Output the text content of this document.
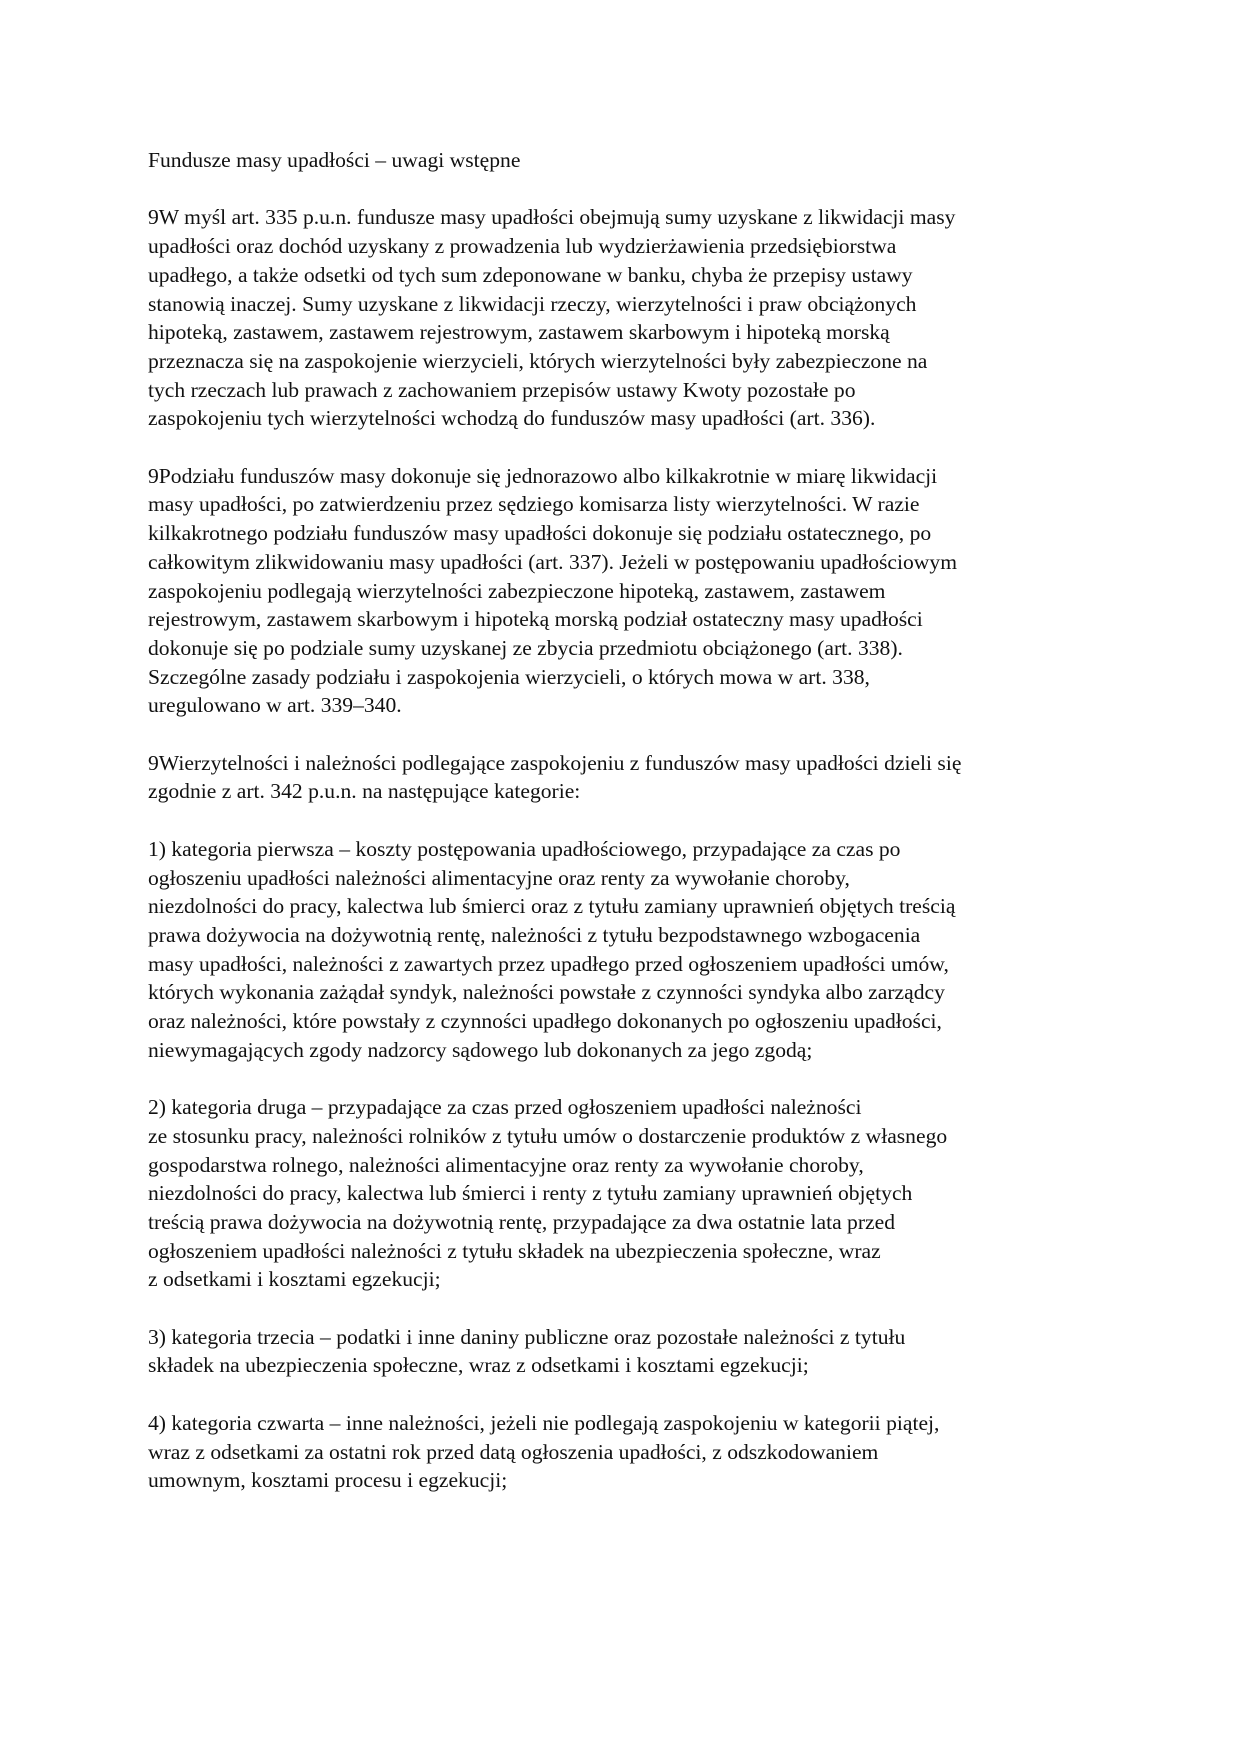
Fundusze masy upadłości – uwagi wstępne

9W myśl art. 335 p.u.n. fundusze masy upadłości obejmują sumy uzyskane z likwidacji masy
upadłości oraz dochód uzyskany z prowadzenia lub wydzierżawienia przedsiębiorstwa
upadłego, a także odsetki od tych sum zdeponowane w banku, chyba że przepisy ustawy
stanowią inaczej. Sumy uzyskane z likwidacji rzeczy, wierzytelności i praw obciążonych
hipoteką, zastawem, zastawem rejestrowym, zastawem skarbowym i hipoteką morską
przeznacza się na zaspokojenie wierzycieli, których wierzytelności były zabezpieczone na
tych rzeczach lub prawach z zachowaniem przepisów ustawy Kwoty pozostałe po
zaspokojeniu tych wierzytelności wchodzą do funduszów masy upadłości (art. 336).

9Podziału funduszów masy dokonuje się jednorazowo albo kilkakrotnie w miarę likwidacji
masy upadłości, po zatwierdzeniu przez sędziego komisarza listy wierzytelności. W razie
kilkakrotnego podziału funduszów masy upadłości dokonuje się podziału ostatecznego, po
całkowitym zlikwidowaniu masy upadłości (art. 337). Jeżeli w postępowaniu upadłościowym
zaspokojeniu podlegają wierzytelności zabezpieczone hipoteką, zastawem, zastawem
rejestrowym, zastawem skarbowym i hipoteką morską podział ostateczny masy upadłości
dokonuje się po podziale sumy uzyskanej ze zbycia przedmiotu obciążonego (art. 338).
Szczególne zasady podziału i zaspokojenia wierzycieli, o których mowa w art. 338,
uregulowano w art. 339–340.

9Wierzytelności i należności podlegające zaspokojeniu z funduszów masy upadłości dzieli się
zgodnie z art. 342 p.u.n. na następujące kategorie:

1) kategoria pierwsza – koszty postępowania upadłościowego, przypadające za czas po
ogłoszeniu upadłości należności alimentacyjne oraz renty za wywołanie choroby,
niezdolności do pracy, kalectwa lub śmierci oraz z tytułu zamiany uprawnień objętych treścią
prawa dożywocia na dożywotnią rentę, należności z tytułu bezpodstawnego wzbogacenia
masy upadłości, należności z zawartych przez upadłego przed ogłoszeniem upadłości umów,
których wykonania zażądał syndyk, należności powstałe z czynności syndyka albo zarządcy
oraz należności, które powstały z czynności upadłego dokonanych po ogłoszeniu upadłości,
niewymagających zgody nadzorcy sądowego lub dokonanych za jego zgodą;

2) kategoria druga – przypadające za czas przed ogłoszeniem upadłości należności
ze stosunku pracy, należności rolników z tytułu umów o dostarczenie produktów z własnego
gospodarstwa rolnego, należności alimentacyjne oraz renty za wywołanie choroby,
niezdolności do pracy, kalectwa lub śmierci i renty z tytułu zamiany uprawnień objętych
treścią prawa dożywocia na dożywotnią rentę, przypadające za dwa ostatnie lata przed
ogłoszeniem upadłości należności z tytułu składek na ubezpieczenia społeczne, wraz
z odsetkami i kosztami egzekucji;

3) kategoria trzecia – podatki i inne daniny publiczne oraz pozostałe należności z tytułu
składek na ubezpieczenia społeczne, wraz z odsetkami i kosztami egzekucji;

4) kategoria czwarta – inne należności, jeżeli nie podlegają zaspokojeniu w kategorii piątej,
wraz z odsetkami za ostatni rok przed datą ogłoszenia upadłości, z odszkodowaniem
umownym, kosztami procesu i egzekucji;
